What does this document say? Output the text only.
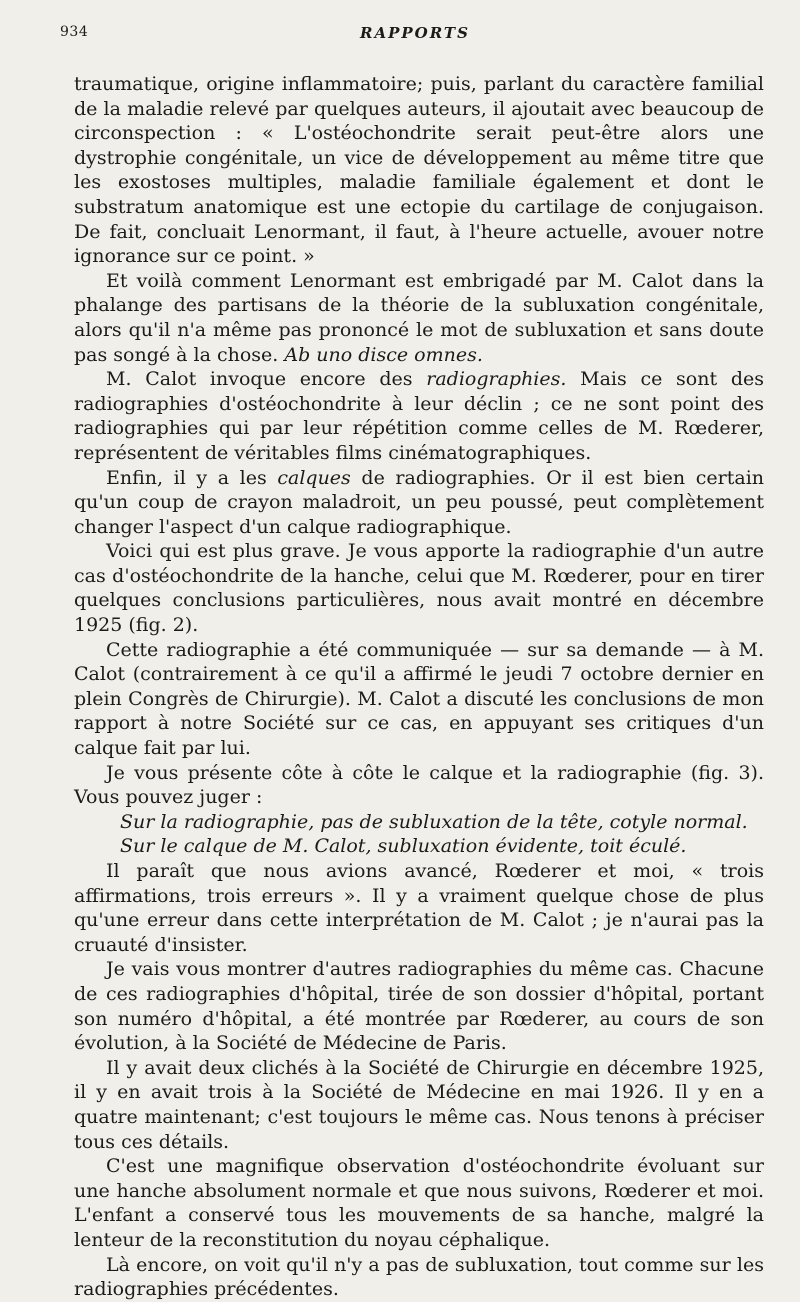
934	RAPPORTS

traumatique, origine inflammatoire; puis, parlant du caractère familial de la maladie relevé par quelques auteurs, il ajoutait avec beaucoup de circonspection : « L'ostéochondrite serait peut-être alors une dystrophie congénitale, un vice de développement au même titre que les exostoses multiples, maladie familiale également et dont le substratum anatomique est une ectopie du cartilage de conjugaison. De fait, concluait Lenormant, il faut, à l'heure actuelle, avouer notre ignorance sur ce point. »

Et voilà comment Lenormant est embrigadé par M. Calot dans la phalange des partisans de la théorie de la subluxation congénitale, alors qu'il n'a même pas prononcé le mot de subluxation et sans doute pas songé à la chose. Ab uno disce omnes.

M. Calot invoque encore des radiographies. Mais ce sont des radiographies d'ostéochondrite à leur déclin ; ce ne sont point des radiographies qui par leur répétition comme celles de M. Rœderer, représentent de véritables films cinématographiques.

Enfin, il y a les calques de radiographies. Or il est bien certain qu'un coup de crayon maladroit, un peu poussé, peut complètement changer l'aspect d'un calque radiographique.

Voici qui est plus grave. Je vous apporte la radiographie d'un autre cas d'ostéochondrite de la hanche, celui que M. Rœderer, pour en tirer quelques conclusions particulières, nous avait montré en décembre 1925 (fig. 2).

Cette radiographie a été communiquée — sur sa demande — à M. Calot (contrairement à ce qu'il a affirmé le jeudi 7 octobre dernier en plein Congrès de Chirurgie). M. Calot a discuté les conclusions de mon rapport à notre Société sur ce cas, en appuyant ses critiques d'un calque fait par lui.

Je vous présente côte à côte le calque et la radiographie (fig. 3). Vous pouvez juger :

Sur la radiographie, pas de subluxation de la tête, cotyle normal.

Sur le calque de M. Calot, subluxation évidente, toit éculé.

Il paraît que nous avions avancé, Rœderer et moi, « trois affirmations, trois erreurs ». Il y a vraiment quelque chose de plus qu'une erreur dans cette interprétation de M. Calot ; je n'aurai pas la cruauté d'insister.

Je vais vous montrer d'autres radiographies du même cas. Chacune de ces radiographies d'hôpital, tirée de son dossier d'hôpital, portant son numéro d'hôpital, a été montrée par Rœderer, au cours de son évolution, à la Société de Médecine de Paris.

Il y avait deux clichés à la Société de Chirurgie en décembre 1925, il y en avait trois à la Société de Médecine en mai 1926. Il y en a quatre maintenant; c'est toujours le même cas. Nous tenons à préciser tous ces détails.

C'est une magnifique observation d'ostéochondrite évoluant sur une hanche absolument normale et que nous suivons, Rœderer et moi. L'enfant a conservé tous les mouvements de sa hanche, malgré la lenteur de la reconstitution du noyau céphalique.

Là encore, on voit qu'il n'y a pas de subluxation, tout comme sur les radiographies précédentes.
